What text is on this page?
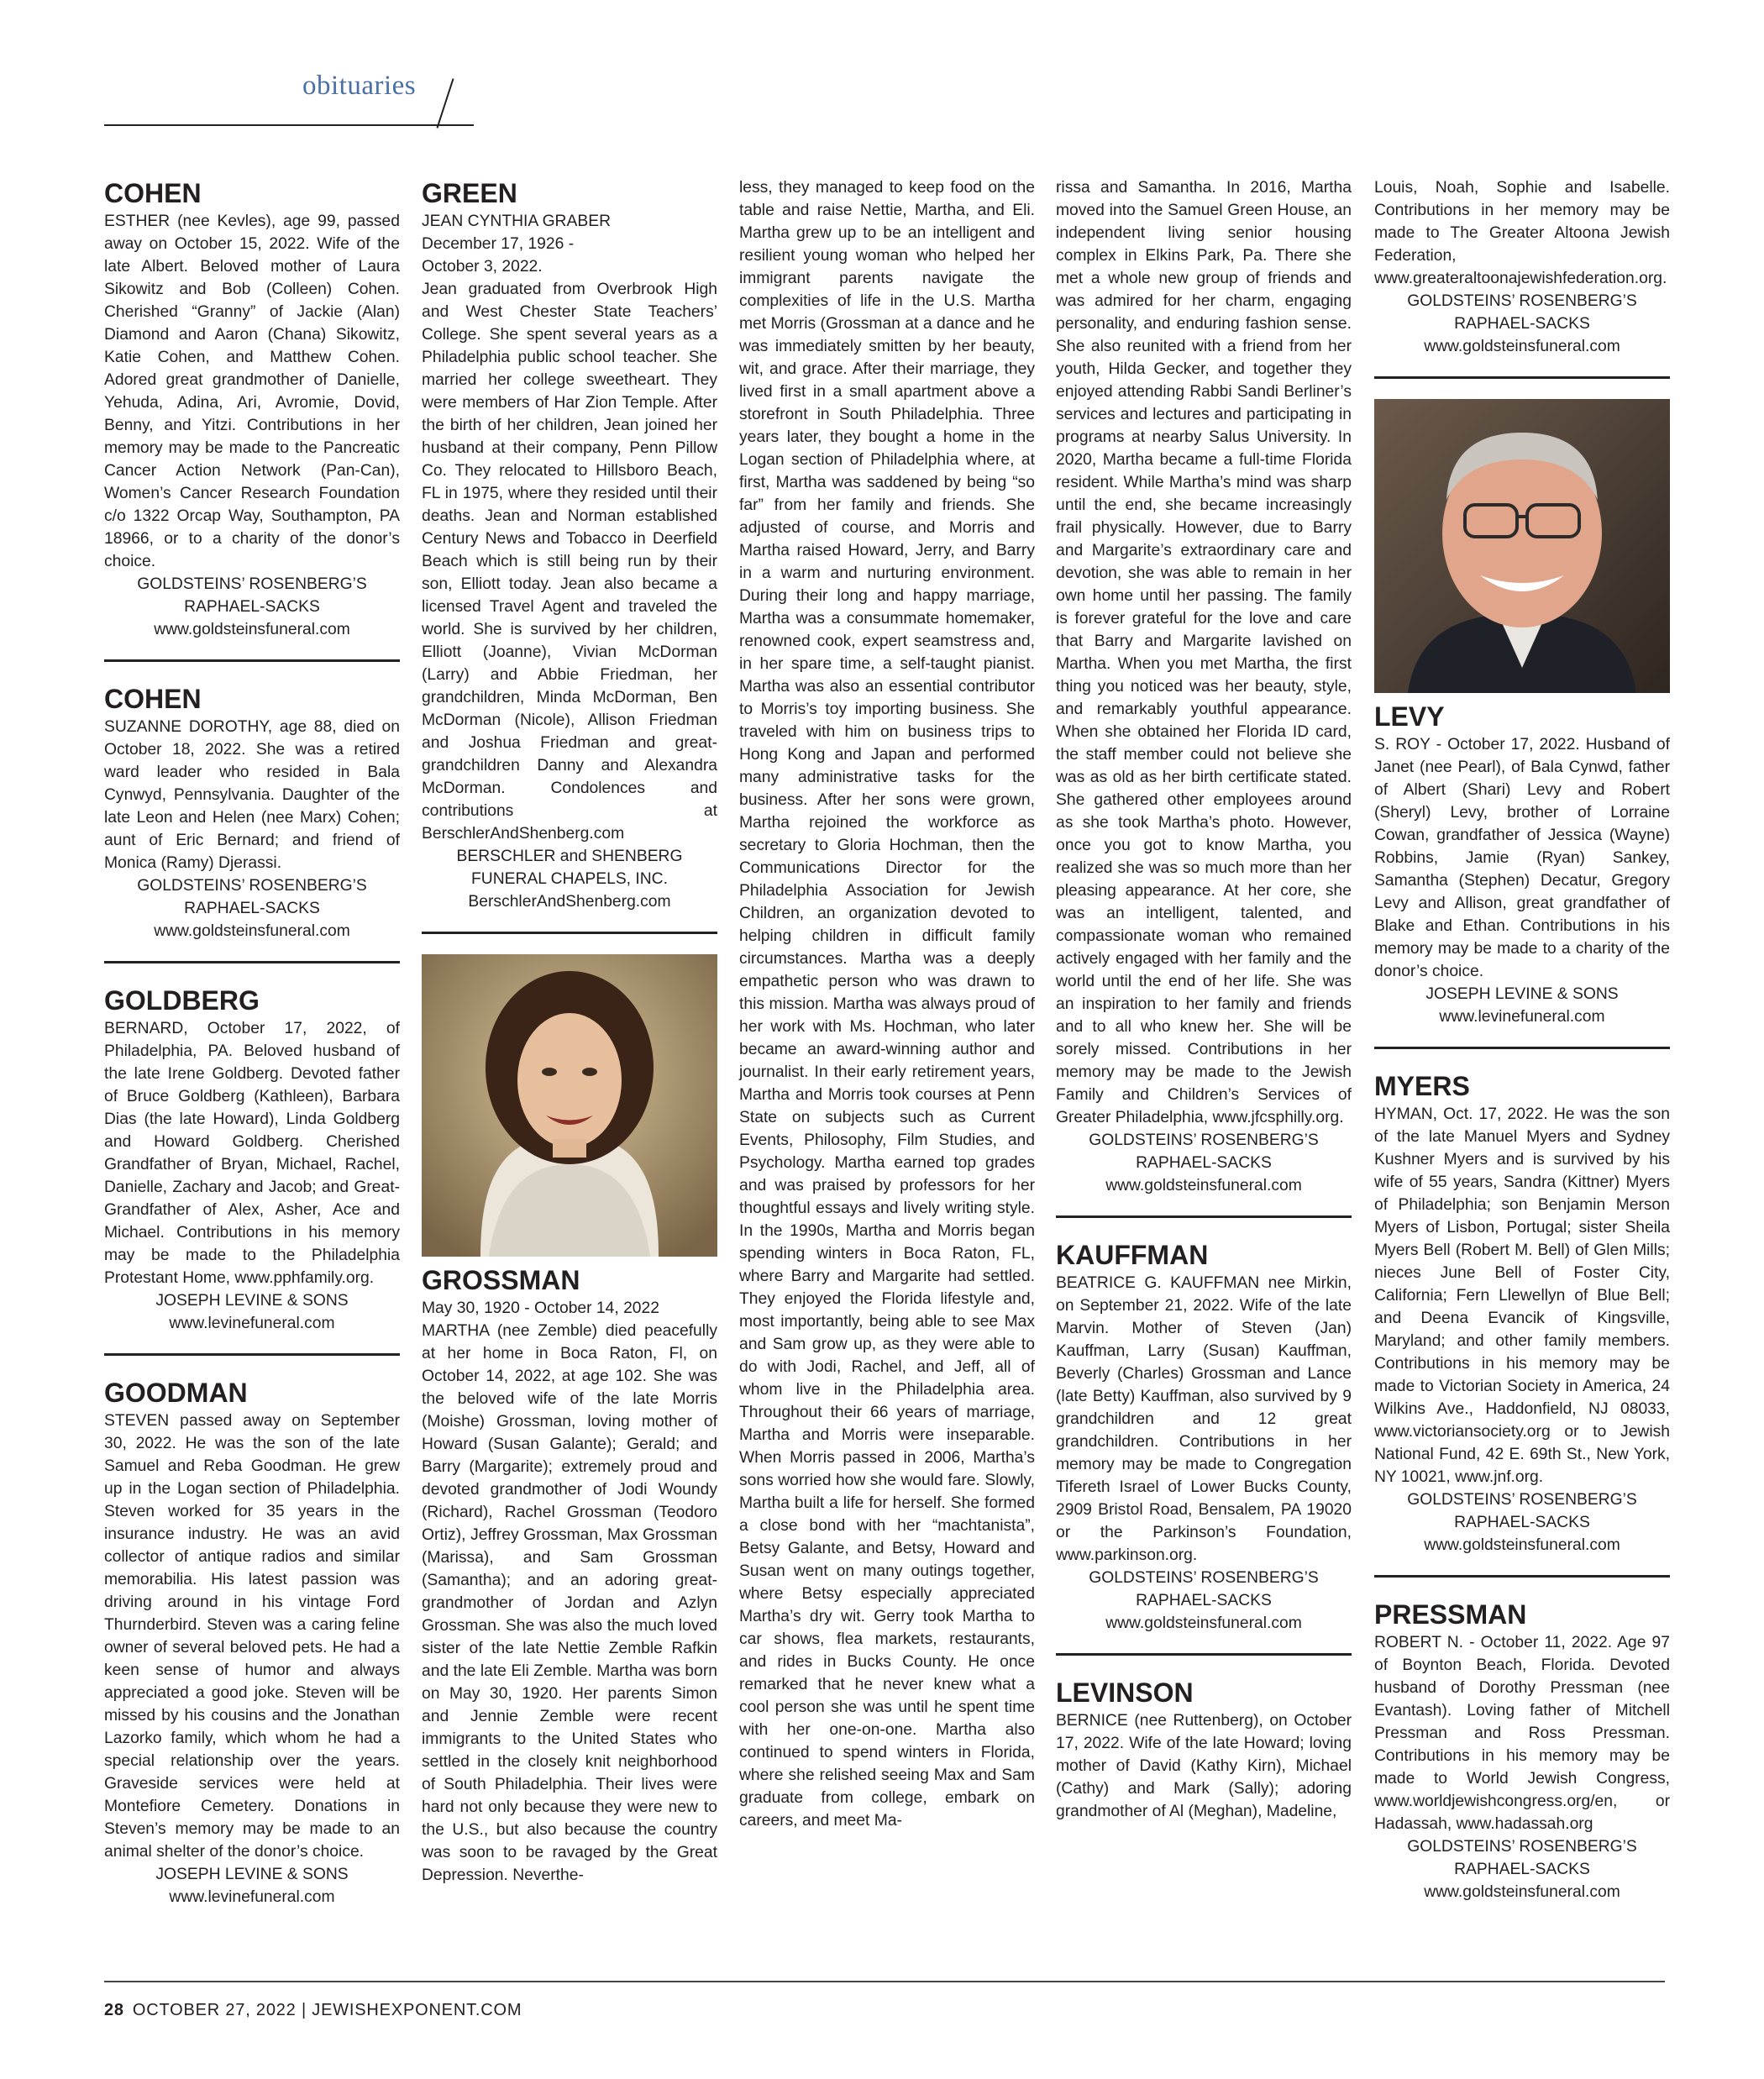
obituaries

COHEN

ESTHER (nee Kevles), age 99, passed away on October 15, 2022. Wife of the late Albert. Beloved mother of Laura Sikowitz and Bob (Colleen) Cohen. Cherished “Granny” of Jackie (Alan) Diamond and Aaron (Chana) Sikowitz, Katie Cohen, and Matthew Cohen. Adored great grandmother of Danielle, Yehuda, Adina, Ari, Avromie, Dovid, Benny, and Yitzi. Contributions in her memory may be made to the Pancreatic Cancer Action Network (Pan-Can), Women’s Cancer Research Foundation c/o 1322 Orcap Way, Southampton, PA 18966, or to a charity of the donor’s choice.

GOLDSTEINS’ ROSENBERG’S

RAPHAEL-SACKS

www.goldsteinsfuneral.com

COHEN

SUZANNE DOROTHY, age 88, died on October 18, 2022. She was a retired ward leader who resided in Bala Cynwyd, Pennsylvania. Daughter of the late Leon and Helen (nee Marx) Cohen; aunt of Eric Bernard; and friend of Monica (Ramy) Djerassi.

GOLDSTEINS’ ROSENBERG’S

RAPHAEL-SACKS

www.goldsteinsfuneral.com

GOLDBERG

BERNARD, October 17, 2022, of Philadelphia, PA. Beloved husband of the late Irene Goldberg. Devoted father of Bruce Goldberg (Kathleen), Barbara Dias (the late Howard), Linda Goldberg and Howard Goldberg. Cherished Grandfather of Bryan, Michael, Rachel, Danielle, Zachary and Jacob; and Great-Grandfather of Alex, Asher, Ace and Michael. Contributions in his memory may be made to the Philadelphia Protestant Home, www.pphfamily.org.

JOSEPH LEVINE & SONS

www.levinefuneral.com

GOODMAN

STEVEN passed away on September 30, 2022. He was the son of the late Samuel and Reba Goodman. He grew up in the Logan section of Philadelphia. Steven worked for 35 years in the insurance industry. He was an avid collector of antique radios and similar memorabilia. His latest passion was driving around in his vintage Ford Thurnderbird. Steven was a caring feline owner of several beloved pets. He had a keen sense of humor and always appreciated a good joke. Steven will be missed by his cousins and the Jonathan Lazorko family, which whom he had a special relationship over the years. Graveside services were held at Montefiore Cemetery. Donations in Steven’s memory may be made to an animal shelter of the donor’s choice.

JOSEPH LEVINE & SONS

www.levinefuneral.com

GREEN

JEAN CYNTHIA GRABER

December 17, 1926 -

October 3, 2022.

Jean graduated from Overbrook High and West Chester State Teachers’ College. She spent several years as a Philadelphia public school teacher. She married her college sweetheart. They were members of Har Zion Temple. After the birth of her children, Jean joined her husband at their company, Penn Pillow Co. They relocated to Hillsboro Beach, FL in 1975, where they resided until their deaths. Jean and Norman established Century News and Tobacco in Deerfield Beach which is still being run by their son, Elliott today. Jean also became a licensed Travel Agent and traveled the world. She is survived by her children, Elliott (Joanne), Vivian McDorman (Larry) and Abbie Friedman, her grandchildren, Minda McDorman, Ben McDorman (Nicole), Allison Friedman and Joshua Friedman and great-grandchildren Danny and Alexandra McDorman. Condolences and contributions at BerschlerAndShenberg.com

BERSCHLER and SHENBERG

FUNERAL CHAPELS, INC.

BerschlerAndShenberg.com

GROSSMAN

May 30, 1920 - October 14, 2022

MARTHA (nee Zemble) died peacefully at her home in Boca Raton, Fl, on October 14, 2022, at age 102. She was the beloved wife of the late Morris (Moishe) Grossman, loving mother of Howard (Susan Galante); Gerald; and Barry (Margarite); extremely proud and devoted grandmother of Jodi Woundy (Richard), Rachel Grossman (Teodoro Ortiz), Jeffrey Grossman, Max Grossman (Marissa), and Sam Grossman (Samantha); and an adoring great-grandmother of Jordan and Azlyn Grossman. She was also the much loved sister of the late Nettie Zemble Rafkin and the late Eli Zemble. Martha was born on May 30, 1920. Her parents Simon and Jennie Zemble were recent immigrants to the United States who settled in the closely knit neighborhood of South Philadelphia. Their lives were hard not only because they were new to the U.S., but also because the country was soon to be ravaged by the Great Depression. Neverthe-

less, they managed to keep food on the table and raise Nettie, Martha, and Eli. Martha grew up to be an intelligent and resilient young woman who helped her immigrant parents navigate the complexities of life in the U.S. Martha met Morris (Grossman at a dance and he was immediately smitten by her beauty, wit, and grace. After their marriage, they lived first in a small apartment above a storefront in South Philadelphia. Three years later, they bought a home in the Logan section of Philadelphia where, at first, Martha was saddened by being “so far” from her family and friends. She adjusted of course, and Morris and Martha raised Howard, Jerry, and Barry in a warm and nurturing environment. During their long and happy marriage, Martha was a consummate homemaker, renowned cook, expert seamstress and, in her spare time, a self-taught pianist. Martha was also an essential contributor to Morris’s toy importing business. She traveled with him on business trips to Hong Kong and Japan and performed many administrative tasks for the business. After her sons were grown, Martha rejoined the workforce as secretary to Gloria Hochman, then the Communications Director for the Philadelphia Association for Jewish Children, an organization devoted to helping children in difficult family circumstances. Martha was a deeply empathetic person who was drawn to this mission. Martha was always proud of her work with Ms. Hochman, who later became an award-winning author and journalist. In their early retirement years, Martha and Morris took courses at Penn State on subjects such as Current Events, Philosophy, Film Studies, and Psychology. Martha earned top grades and was praised by professors for her thoughtful essays and lively writing style. In the 1990s, Martha and Morris began spending winters in Boca Raton, FL, where Barry and Margarite had settled. They enjoyed the Florida lifestyle and, most importantly, being able to see Max and Sam grow up, as they were able to do with Jodi, Rachel, and Jeff, all of whom live in the Philadelphia area. Throughout their 66 years of marriage, Martha and Morris were inseparable. When Morris passed in 2006, Martha’s sons worried how she would fare. Slowly, Martha built a life for herself. She formed a close bond with her “machtanista”, Betsy Galante, and Betsy, Howard and Susan went on many outings together, where Betsy especially appreciated Martha’s dry wit. Gerry took Martha to car shows, flea markets, restaurants, and rides in Bucks County. He once remarked that he never knew what a cool person she was until he spent time with her one-on-one. Martha also continued to spend winters in Florida, where she relished seeing Max and Sam graduate from college, embark on careers, and meet Ma-

rissa and Samantha. In 2016, Martha moved into the Samuel Green House, an independent living senior housing complex in Elkins Park, Pa. There she met a whole new group of friends and was admired for her charm, engaging personality, and enduring fashion sense. She also reunited with a friend from her youth, Hilda Gecker, and together they enjoyed attending Rabbi Sandi Berliner’s services and lectures and participating in programs at nearby Salus University. In 2020, Martha became a full-time Florida resident. While Martha’s mind was sharp until the end, she became increasingly frail physically. However, due to Barry and Margarite’s extraordinary care and devotion, she was able to remain in her own home until her passing. The family is forever grateful for the love and care that Barry and Margarite lavished on Martha. When you met Martha, the first thing you noticed was her beauty, style, and remarkably youthful appearance. When she obtained her Florida ID card, the staff member could not believe she was as old as her birth certificate stated. She gathered other employees around as she took Martha’s photo. However, once you got to know Martha, you realized she was so much more than her pleasing appearance. At her core, she was an intelligent, talented, and compassionate woman who remained actively engaged with her family and the world until the end of her life. She was an inspiration to her family and friends and to all who knew her. She will be sorely missed. Contributions in her memory may be made to the Jewish Family and Children’s Services of Greater Philadelphia, www.jfcsphilly.org.

GOLDSTEINS’ ROSENBERG’S

RAPHAEL-SACKS

www.goldsteinsfuneral.com

KAUFFMAN

BEATRICE G. KAUFFMAN nee Mirkin, on September 21, 2022. Wife of the late Marvin. Mother of Steven (Jan) Kauffman, Larry (Susan) Kauffman, Beverly (Charles) Grossman and Lance (late Betty) Kauffman, also survived by 9 grandchildren and 12 great grandchildren. Contributions in her memory may be made to Congregation Tifereth Israel of Lower Bucks County, 2909 Bristol Road, Bensalem, PA 19020 or the Parkinson’s Foundation, www.parkinson.org.

GOLDSTEINS’ ROSENBERG’S

RAPHAEL-SACKS

www.goldsteinsfuneral.com

LEVINSON

BERNICE (nee Ruttenberg), on October 17, 2022. Wife of the late Howard; loving mother of David (Kathy Kirn), Michael (Cathy) and Mark (Sally); adoring grandmother of Al (Meghan), Madeline,

Louis, Noah, Sophie and Isabelle. Contributions in her memory may be made to The Greater Altoona Jewish Federation, www.greateraltoonajewishfederation.org.

GOLDSTEINS’ ROSENBERG’S

RAPHAEL-SACKS

www.goldsteinsfuneral.com

LEVY

S. ROY - October 17, 2022. Husband of Janet (nee Pearl), of Bala Cynwd, father of Albert (Shari) Levy and Robert (Sheryl) Levy, brother of Lorraine Cowan, grandfather of Jessica (Wayne) Robbins, Jamie (Ryan) Sankey, Samantha (Stephen) Decatur, Gregory Levy and Allison, great grandfather of Blake and Ethan. Contributions in his memory may be made to a charity of the donor’s choice.

JOSEPH LEVINE & SONS

www.levinefuneral.com

MYERS

HYMAN, Oct. 17, 2022. He was the son of the late Manuel Myers and Sydney Kushner Myers and is survived by his wife of 55 years, Sandra (Kittner) Myers of Philadelphia; son Benjamin Merson Myers of Lisbon, Portugal; sister Sheila Myers Bell (Robert M. Bell) of Glen Mills; nieces June Bell of Foster City, California; Fern Llewellyn of Blue Bell; and Deena Evancik of Kingsville, Maryland; and other family members. Contributions in his memory may be made to Victorian Society in America, 24 Wilkins Ave., Haddonfield, NJ 08033, www.victoriansociety.org or to Jewish National Fund, 42 E. 69th St., New York, NY 10021, www.jnf.org.

GOLDSTEINS’ ROSENBERG’S

RAPHAEL-SACKS

www.goldsteinsfuneral.com

PRESSMAN

ROBERT N. - October 11, 2022. Age 97 of Boynton Beach, Florida. Devoted husband of Dorothy Pressman (nee Evantash). Loving father of Mitchell Pressman and Ross Pressman. Contributions in his memory may be made to World Jewish Congress, www.worldjewishcongress.org/en, or Hadassah, www.hadassah.org

GOLDSTEINS’ ROSENBERG’S

RAPHAEL-SACKS

www.goldsteinsfuneral.com

28 OCTOBER 27, 2022 | JEWISHEXPONENT.COM
